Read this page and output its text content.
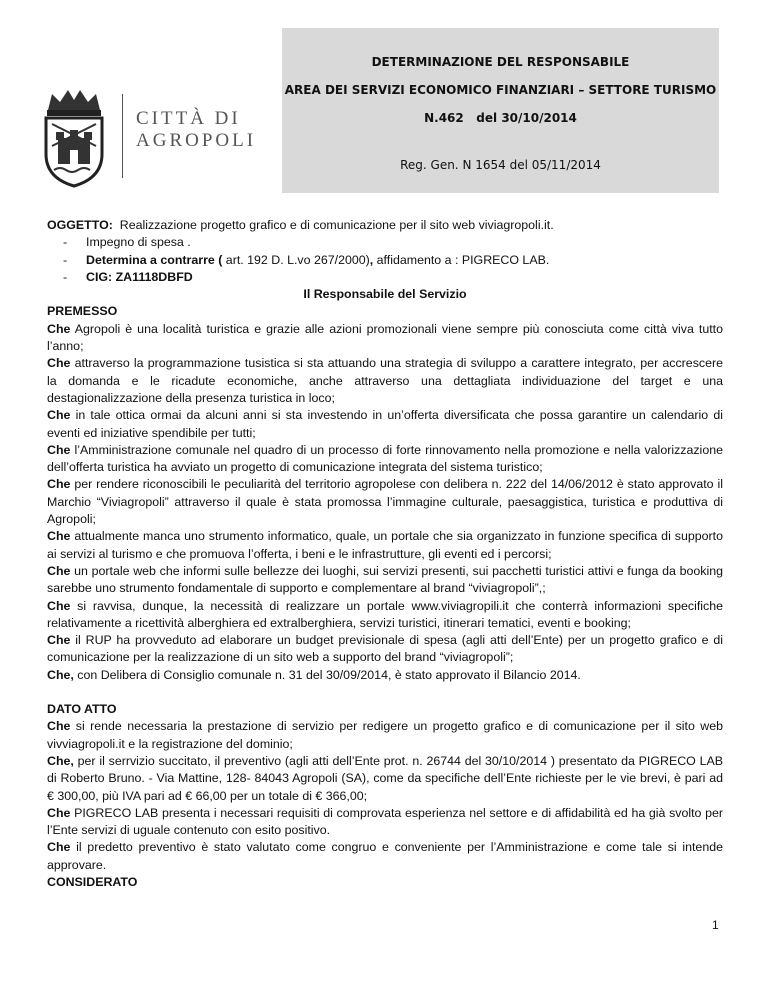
CITTÀ DI
AGROPOLI
DETERMINAZIONE DEL RESPONSABILE
AREA DEI SERVIZI ECONOMICO FINANZIARI – SETTORE TURISMO
N.462   del 30/10/2014
Reg. Gen. N 1654 del 05/11/2014

OGGETTO: Realizzazione progetto grafico e di comunicazione per il sito web viviagropoli.it.

- Impegno di spesa .
- Determina a contrarre ( art. 192 D. L.vo 267/2000), affidamento a : PIGRECO LAB.
- CIG: ZA1118DBFD

Il Responsabile del Servizio

PREMESSO

Che Agropoli è una località turistica e grazie alle azioni promozionali viene sempre più conosciuta come città viva tutto l’anno;

Che attraverso la programmazione tusistica si sta attuando una strategia di sviluppo a carattere integrato, per accrescere la domanda e le ricadute economiche, anche attraverso una dettagliata individuazione del target e una destagionalizzazione della presenza turistica in loco;

Che in tale ottica ormai da alcuni anni si sta investendo in un’offerta diversificata che possa garantire un calendario di eventi ed iniziative spendibile per tutti;

Che l’Amministrazione comunale nel quadro di un processo di forte rinnovamento nella promozione e nella valorizzazione dell’offerta turistica ha avviato un progetto di comunicazione integrata del sistema turistico;

Che per rendere riconoscibili le peculiarità del territorio agropolese con delibera n. 222 del 14/06/2012 è stato approvato il Marchio “Viviagropoli” attraverso il quale è stata promossa l’immagine culturale, paesaggistica, turistica e produttiva di Agropoli;

Che attualmente manca uno strumento informatico, quale, un portale che sia organizzato in funzione specifica di supporto ai servizi al turismo e che promuova l’offerta, i beni e le infrastrutture, gli eventi ed i percorsi;

Che un portale web che informi sulle bellezze dei luoghi, sui servizi presenti, sui pacchetti turistici attivi e funga da booking sarebbe uno strumento fondamentale di supporto e complementare al brand “viviagropoli”,;

Che si ravvisa, dunque, la necessità di realizzare un portale www.viviagropili.it che conterrà informazioni specifiche relativamente a ricettività alberghiera ed extralberghiera, servizi turistici, itinerari tematici, eventi e booking;

Che il RUP ha provveduto ad elaborare un budget previsionale di spesa (agli atti dell’Ente) per un progetto grafico e di comunicazione per la realizzazione di un sito web a supporto del brand “viviagropoli”;

Che, con Delibera di Consiglio comunale n. 31 del 30/09/2014, è stato approvato il Bilancio 2014.

DATO ATTO

Che si rende necessaria la prestazione di servizio per redigere un progetto grafico e di comunicazione per il sito web vivviagropoli.it e la registrazione del dominio;

Che, per il serrvizio succitato, il preventivo (agli atti dell’Ente prot. n. 26744 del 30/10/2014 ) presentato da PIGRECO LAB di Roberto Bruno. - Via Mattine, 128- 84043 Agropoli (SA), come da specifiche dell’Ente richieste per le vie brevi, è pari ad € 300,00, più IVA pari ad € 66,00 per un totale di € 366,00;

Che PIGRECO LAB presenta i necessari requisiti di comprovata esperienza nel settore e di affidabilità ed ha già svolto per l’Ente servizi di uguale contenuto con esito positivo.

Che il predetto preventivo è stato valutato come congruo e conveniente per l’Amministrazione e come tale si intende approvare.

CONSIDERATO

1
